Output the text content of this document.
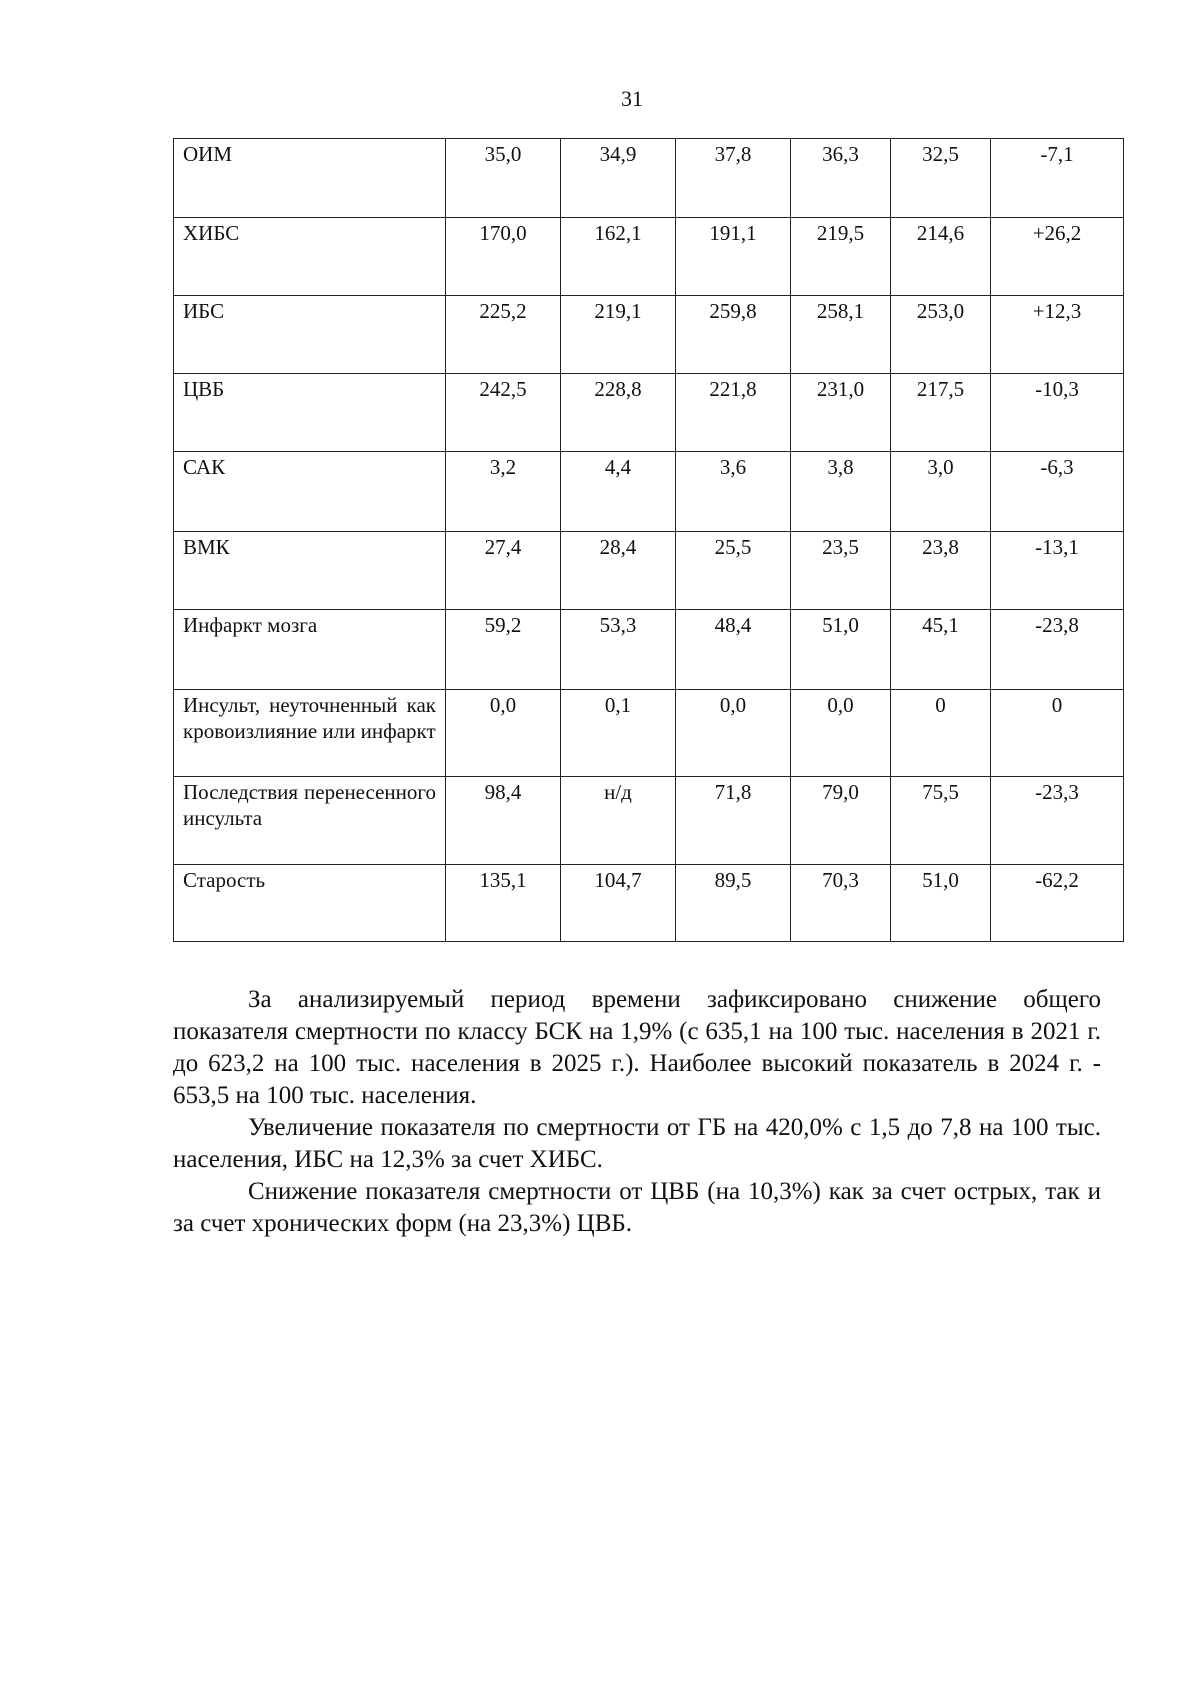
31
ОИМ	35,0	34,9	37,8	36,3	32,5	-7,1
ХИБС	170,0	162,1	191,1	219,5	214,6	+26,2
ИБС	225,2	219,1	259,8	258,1	253,0	+12,3
ЦВБ	242,5	228,8	221,8	231,0	217,5	-10,3
САК	3,2	4,4	3,6	3,8	3,0	-6,3
ВМК	27,4	28,4	25,5	23,5	23,8	-13,1
Инфаркт мозга	59,2	53,3	48,4	51,0	45,1	-23,8
Инсульт, неуточненный как кровоизлияние или инфаркт	0,0	0,1	0,0	0,0	0	0
Последствия перенесенного инсульта	98,4	н/д	71,8	79,0	75,5	-23,3
Старость	135,1	104,7	89,5	70,3	51,0	-62,2

За анализируемый период времени зафиксировано снижение общего показателя смертности по классу БСК на 1,9% (с 635,1 на 100 тыс. населения в 2021 г. до 623,2 на 100 тыс. населения в 2025 г.). Наиболее высокий показатель в 2024 г. - 653,5 на 100 тыс. населения.

Увеличение показателя по смертности от ГБ на 420,0% с 1,5 до 7,8 на 100 тыс. населения, ИБС на 12,3% за счет ХИБС.

Снижение показателя смертности от ЦВБ (на 10,3%) как за счет острых, так и за счет хронических форм (на 23,3%) ЦВБ.
